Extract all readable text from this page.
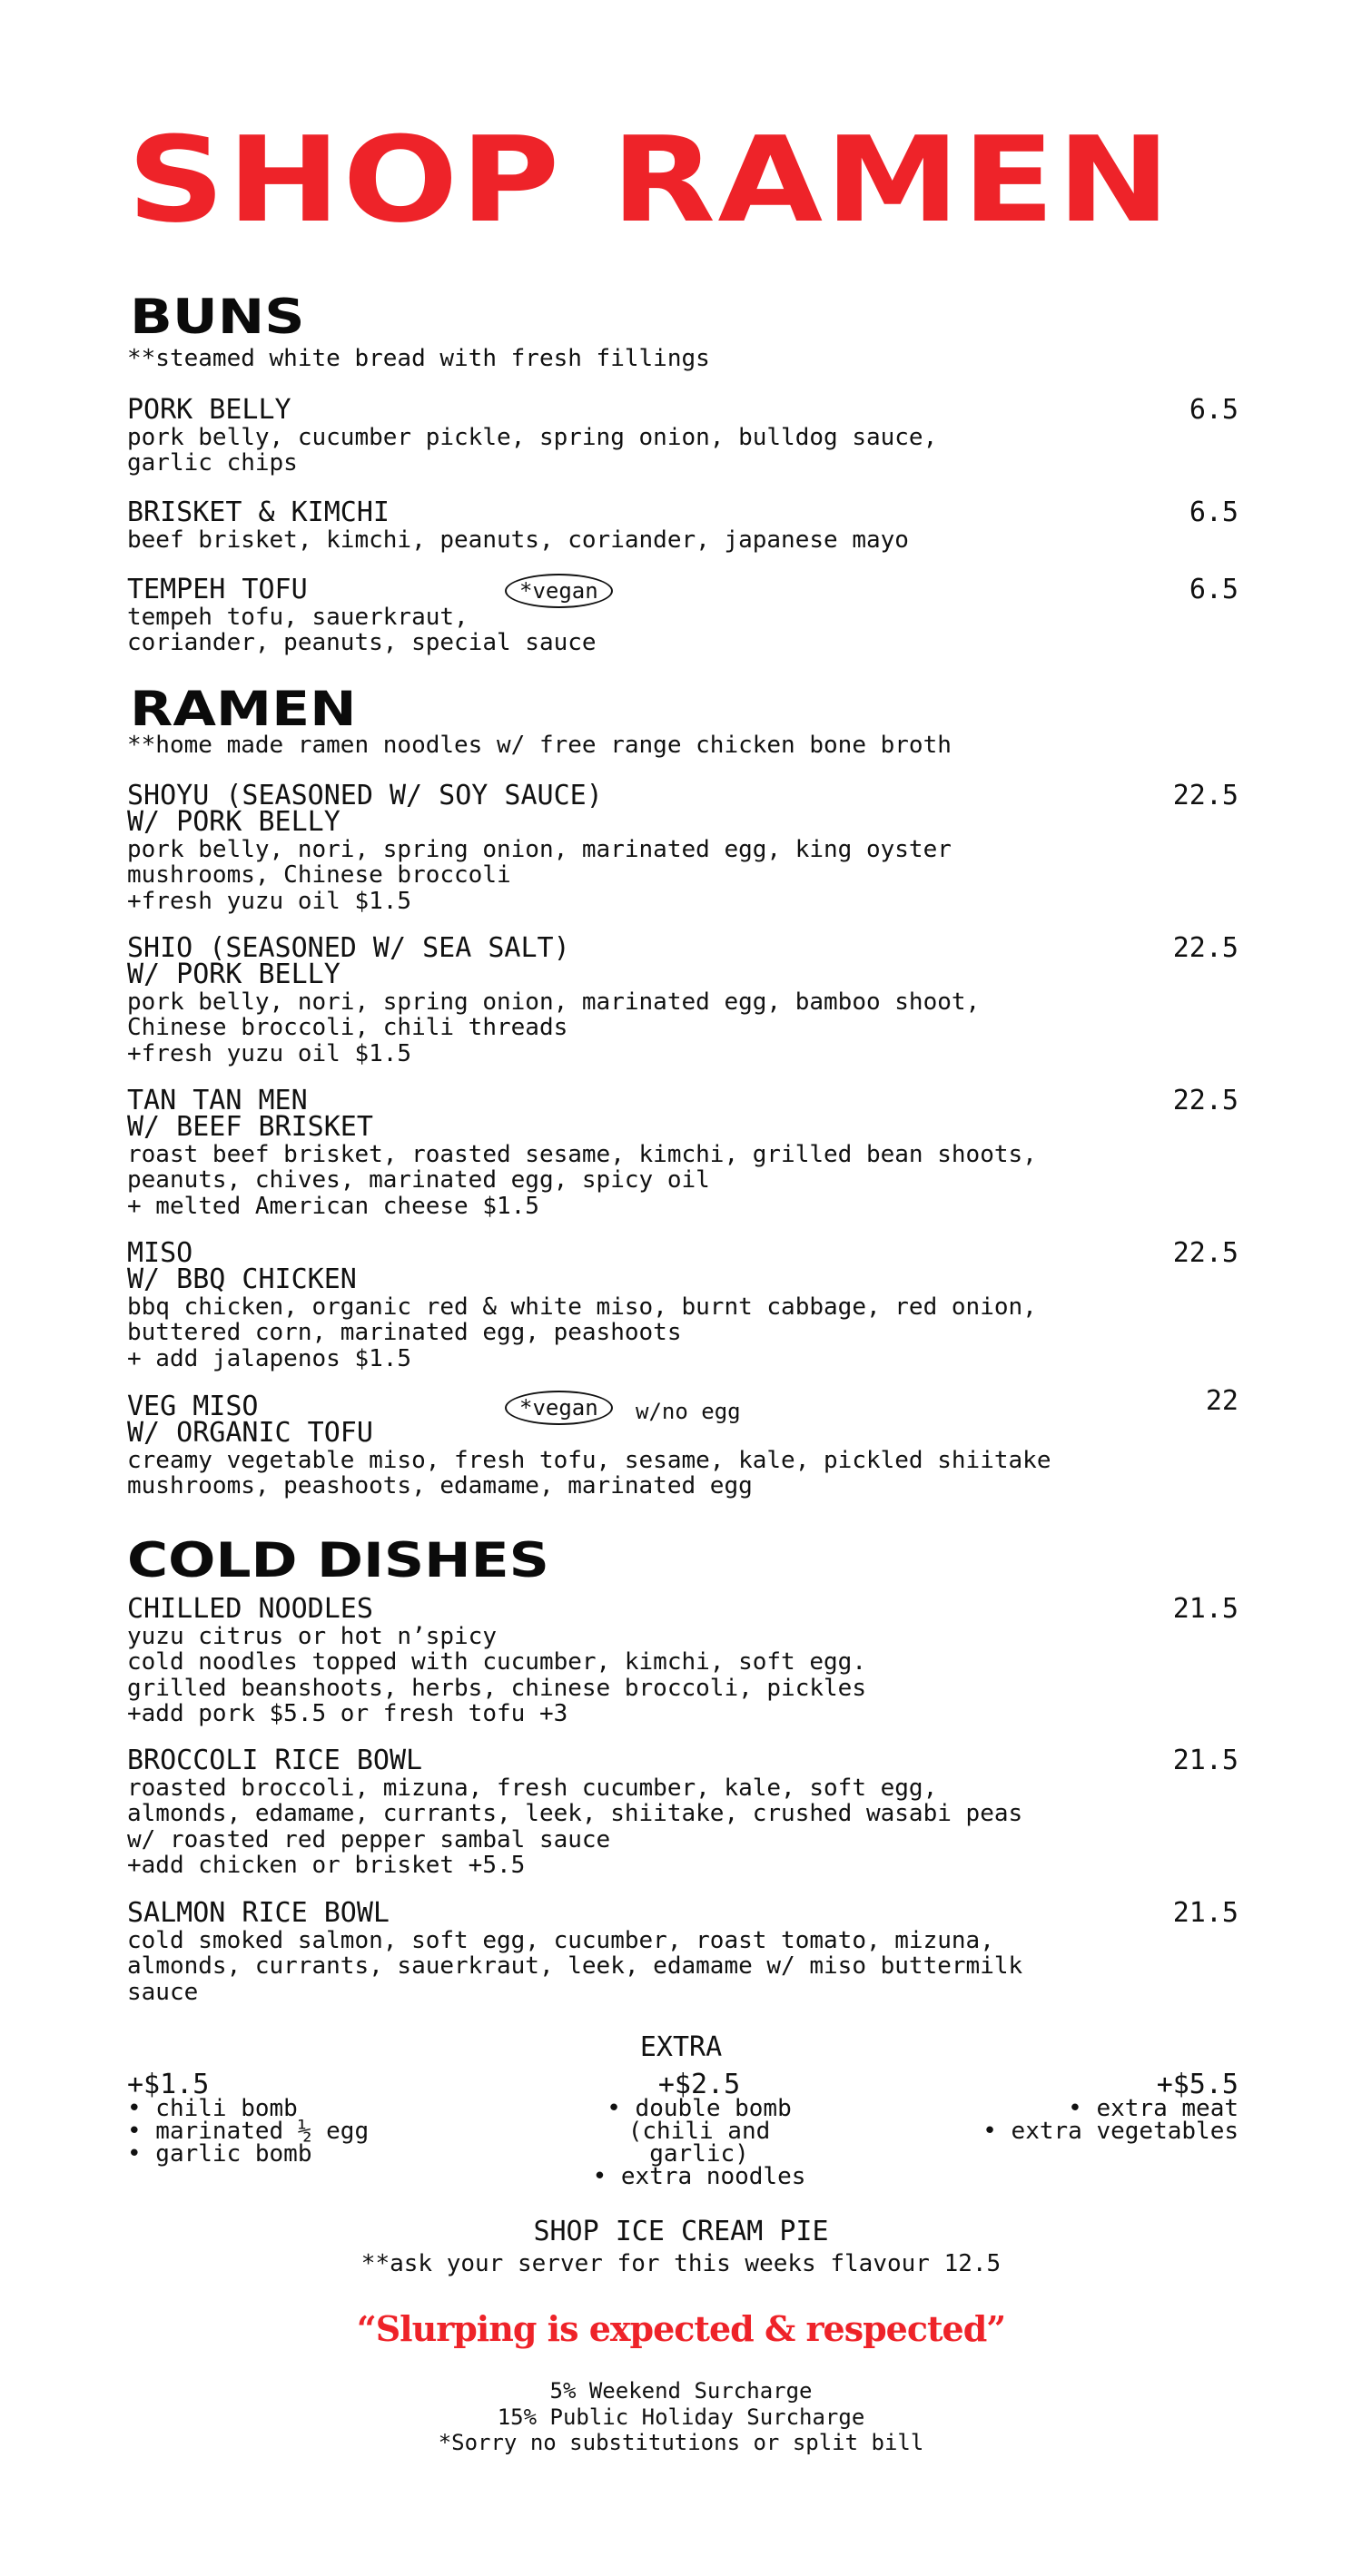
SHOP RAMEN
BUNS
**steamed white bread with fresh fillings
PORK BELLY
pork belly, cucumber pickle, spring onion, bulldog sauce,
garlic chips
6.5
BRISKET & KIMCHI
beef brisket, kimchi, peanuts, coriander, japanese mayo
6.5
TEMPEH TOFU
tempeh tofu, sauerkraut,
coriander, peanuts, special sauce
6.5
*vegan
RAMEN
**home made ramen noodles w/ free range chicken bone broth
SHOYU (SEASONED W/ SOY SAUCE)
W/ PORK BELLY
pork belly, nori, spring onion, marinated egg, king oyster
mushrooms, Chinese broccoli
+fresh yuzu oil $1.5
22.5
SHIO (SEASONED W/ SEA SALT)
W/ PORK BELLY
pork belly, nori, spring onion, marinated egg, bamboo shoot,
Chinese broccoli, chili threads
+fresh yuzu oil $1.5
22.5
TAN TAN MEN
W/ BEEF BRISKET
roast beef brisket, roasted sesame, kimchi, grilled bean shoots,
peanuts, chives, marinated egg, spicy oil
+ melted American cheese $1.5
22.5
MISO
W/ BBQ CHICKEN
bbq chicken, organic red & white miso, burnt cabbage, red onion,
buttered corn, marinated egg, peashoots
+ add jalapenos $1.5
22.5
VEG MISO
W/ ORGANIC TOFU
creamy vegetable miso, fresh tofu, sesame, kale, pickled shiitake
mushrooms, peashoots, edamame, marinated egg
22
*vegan	w/no egg
COLD DISHES
CHILLED NOODLES
yuzu citrus or hot n’spicy
cold noodles topped with cucumber, kimchi, soft egg.
grilled beanshoots, herbs, chinese broccoli, pickles
+add pork $5.5 or fresh tofu +3
21.5
BROCCOLI RICE BOWL
roasted broccoli, mizuna, fresh cucumber, kale, soft egg,
almonds, edamame, currants, leek, shiitake, crushed wasabi peas
w/ roasted red pepper sambal sauce
+add chicken or brisket +5.5
21.5
SALMON RICE BOWL
cold smoked salmon, soft egg, cucumber, roast tomato, mizuna,
almonds, currants, sauerkraut, leek, edamame w/ miso buttermilk
sauce
21.5
EXTRA
+$1.5
• chili bomb
• marinated ½ egg
• garlic bomb
+$2.5
• double bomb
(chili and
garlic)
• extra noodles
+$5.5
• extra meat
• extra vegetables
SHOP ICE CREAM PIE
**ask your server for this weeks flavour 12.5
“Slurping is expected & respected”
5% Weekend Surcharge
15% Public Holiday Surcharge
*Sorry no substitutions or split bill
